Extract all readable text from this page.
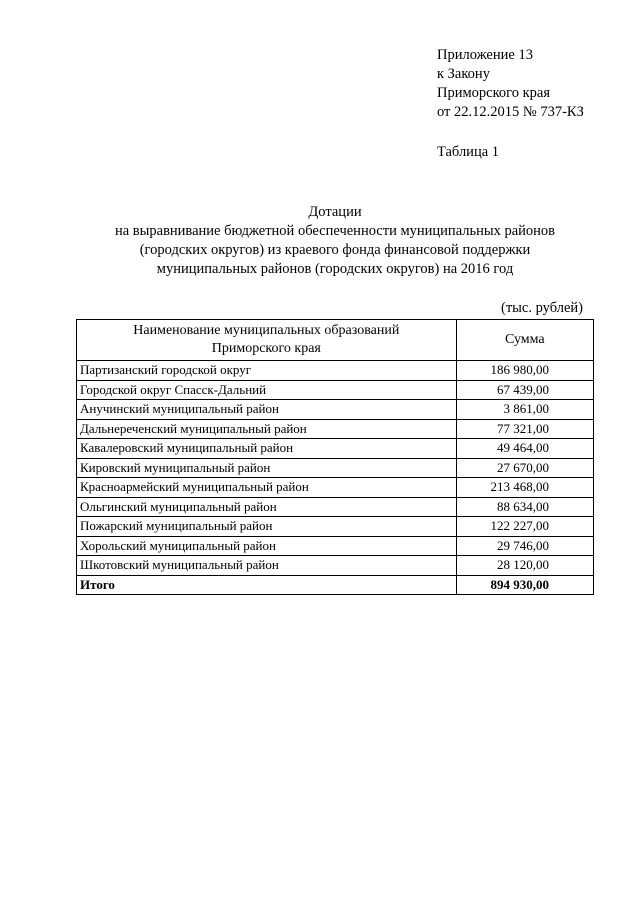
Приложение 13
к Закону
Приморского края
от 22.12.2015 № 737-КЗ
Таблица 1
Дотации
на выравнивание бюджетной обеспеченности муниципальных районов
(городских округов) из краевого фонда финансовой поддержки
муниципальных районов (городских округов) на 2016 год
(тыс. рублей)
Наименование муниципальных образований
Приморского края	Сумма
Партизанский городской округ	186 980,00
Городской округ Спасск-Дальний	67 439,00
Анучинский муниципальный район	3 861,00
Дальнереченский муниципальный район	77 321,00
Кавалеровский муниципальный район	49 464,00
Кировский муниципальный район	27 670,00
Красноармейский муниципальный район	213 468,00
Ольгинский муниципальный район	88 634,00
Пожарский муниципальный район	122 227,00
Хорольский муниципальный район	29 746,00
Шкотовский муниципальный район	28 120,00
Итого	894 930,00
